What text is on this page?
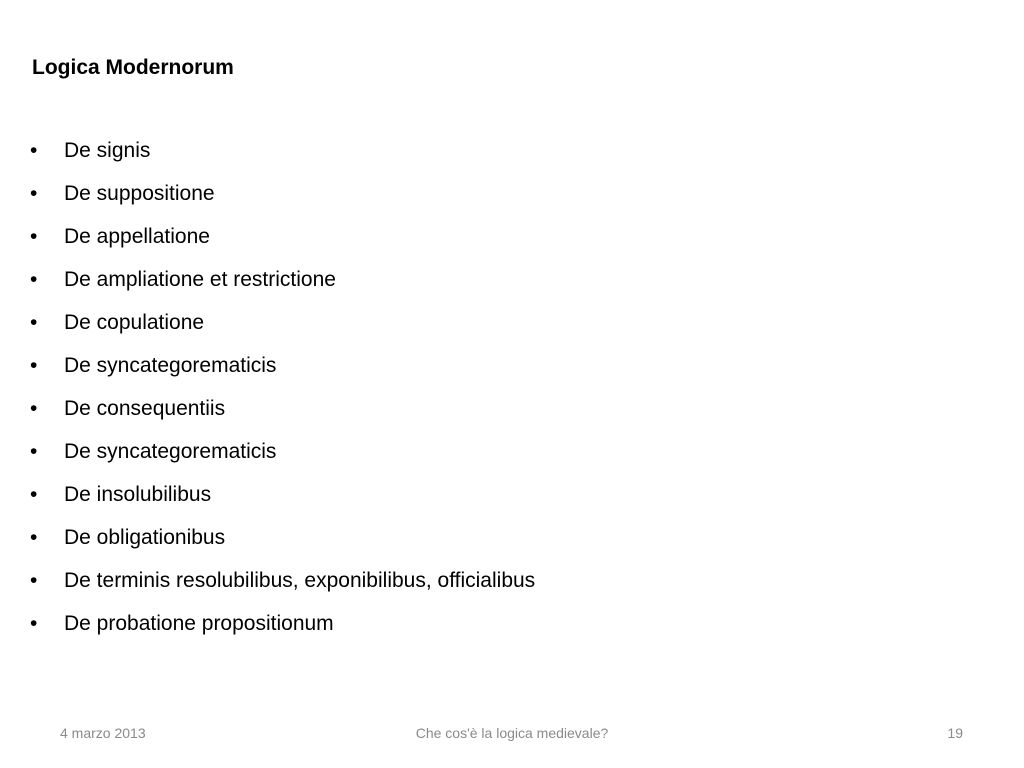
Logica Modernorum
•	De signis
•	De suppositione
•	De appellatione
•	De ampliatione et restrictione
•	De copulatione
•	De syncategorematicis
•	De consequentiis
•	De syncategorematicis
•	De insolubilibus
•	De obligationibus
•	De terminis resolubilibus, exponibilibus, officialibus
•	De probatione propositionum
4 marzo 2013	Che cos'è la logica medievale?	19
